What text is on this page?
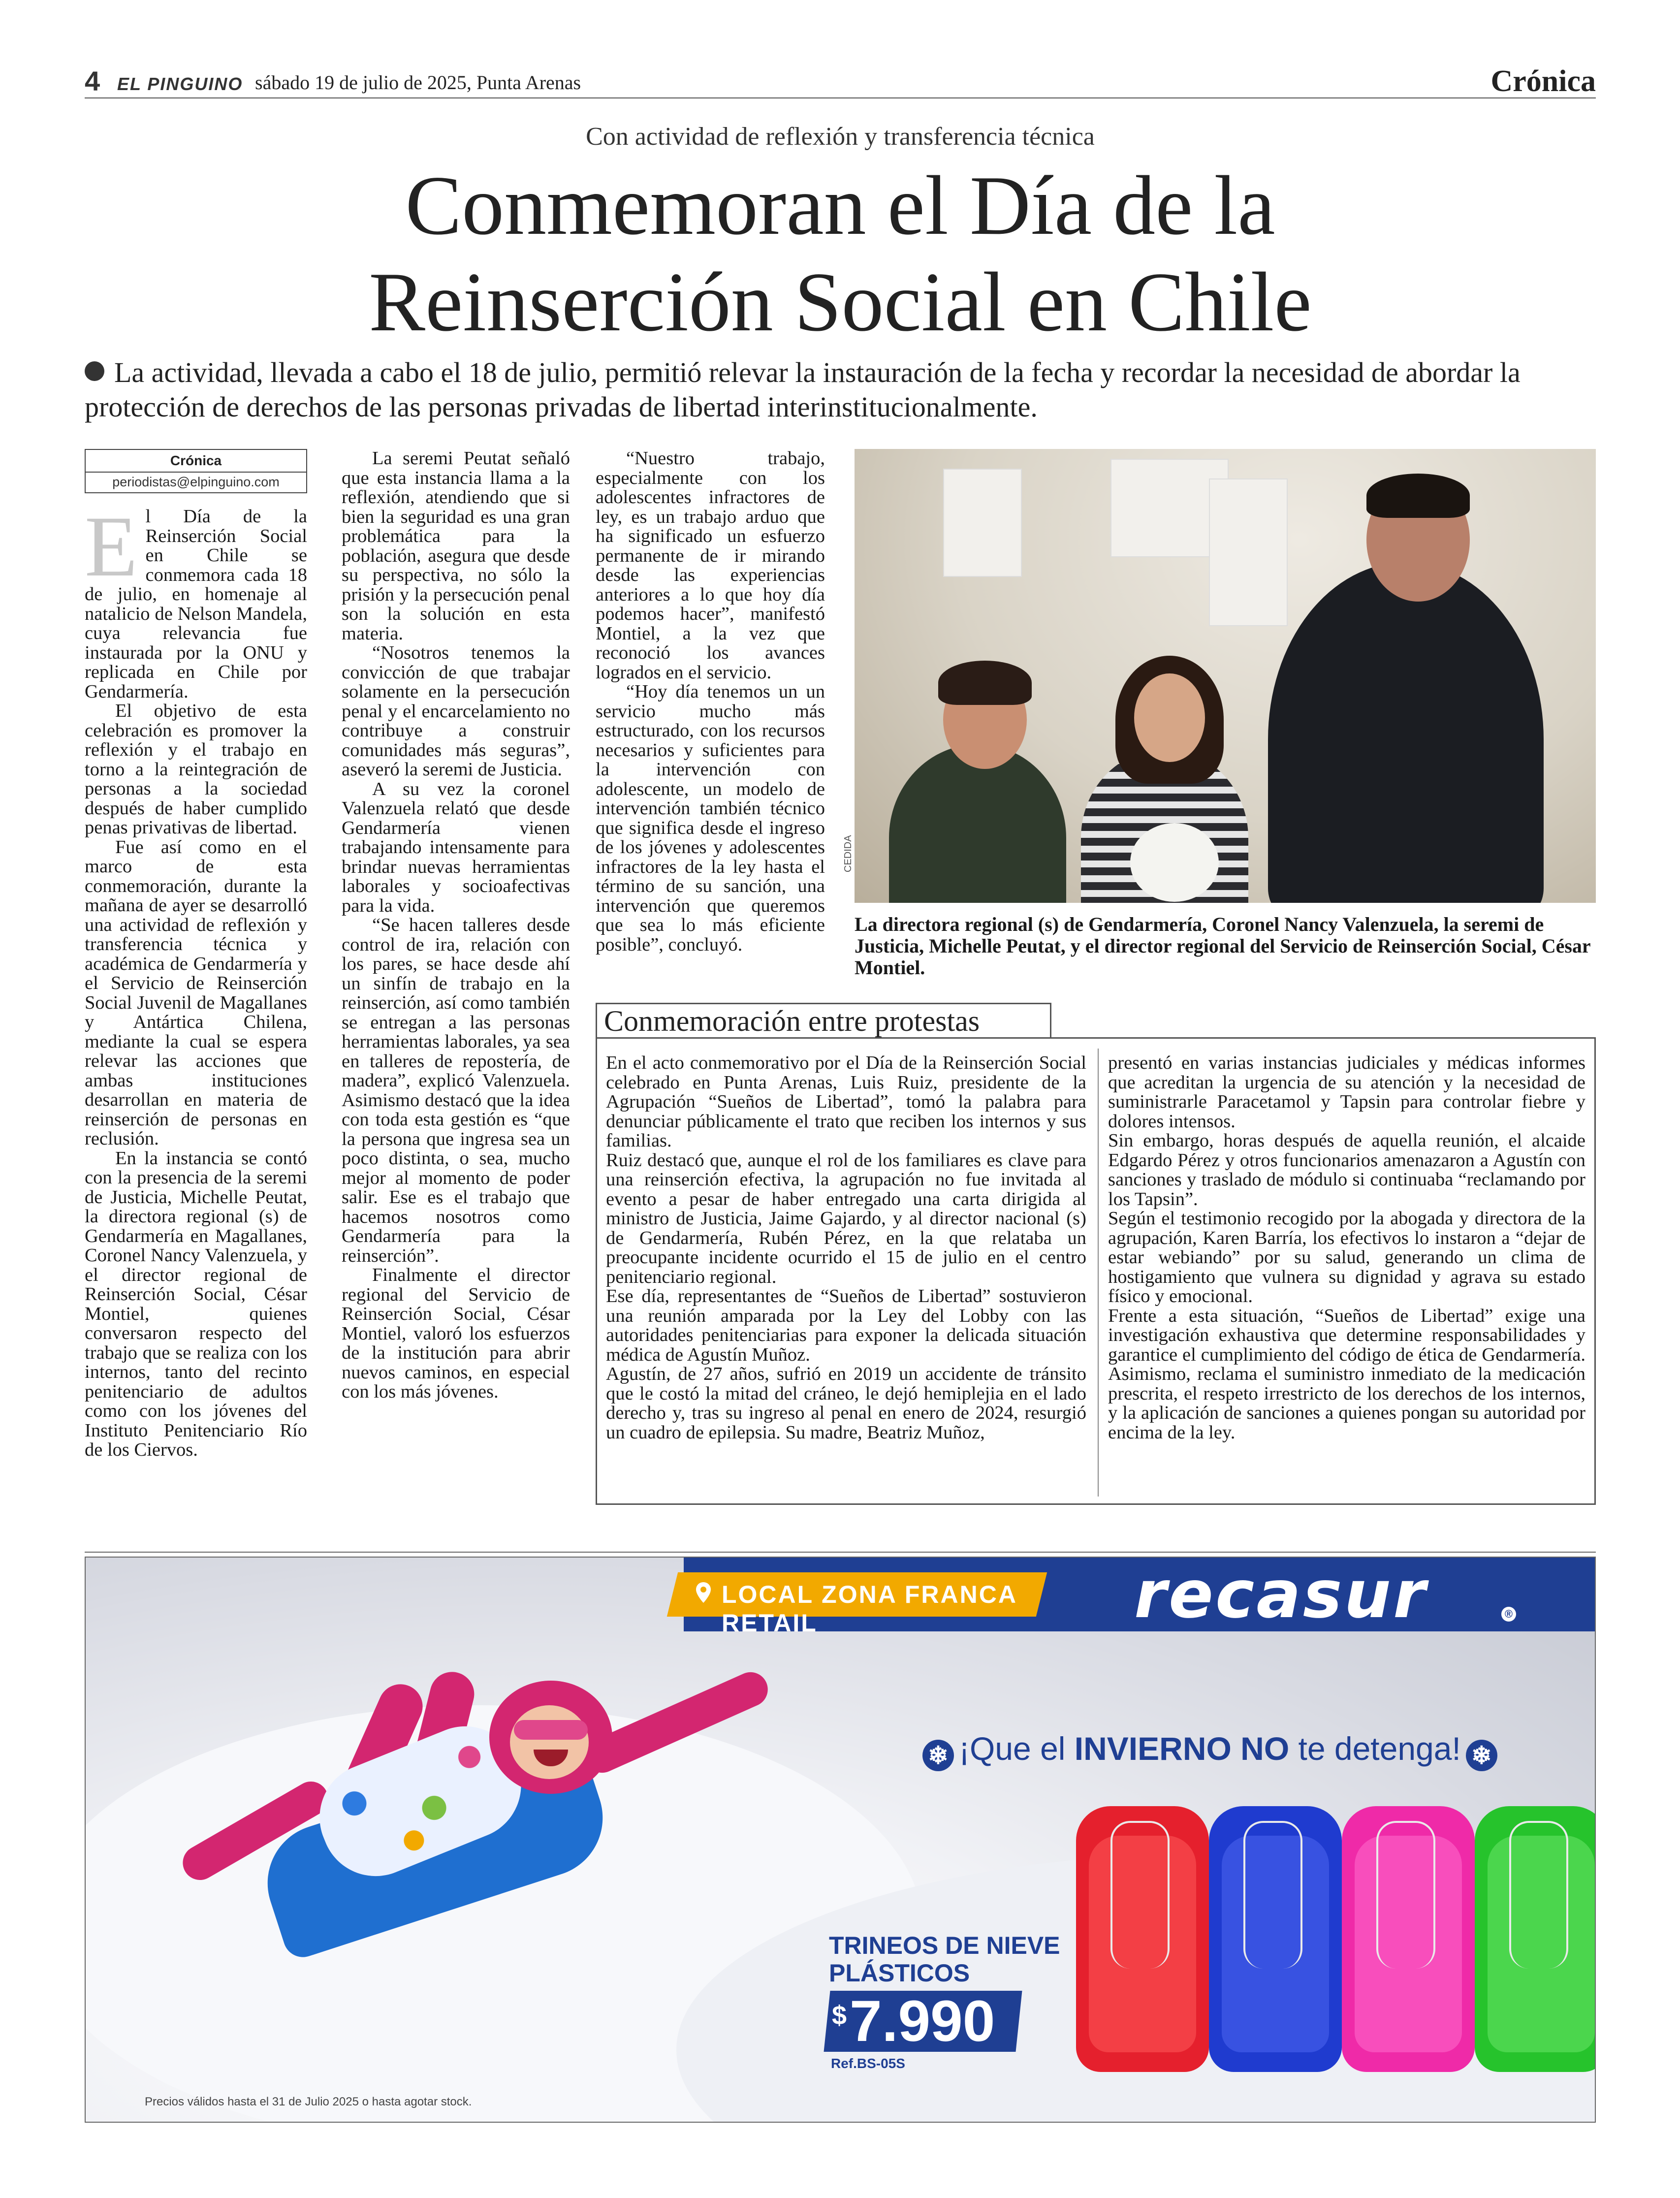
4 EL PINGUINO sábado 19 de julio de 2025, Punta Arenas	Crónica
Con actividad de reflexión y transferencia técnica
Conmemoran el Día de la
Reinserción Social en Chile
La actividad, llevada a cabo el 18 de julio, permitió relevar la instauración de la fecha y recordar la necesidad de abordar la protección de derechos de las personas privadas de libertad interinstitucionalmente.
Crónica
periodistas@elpinguino.com

El Día de la Reinserción Social en Chile se conmemora cada 18 de julio, en homenaje al natalicio de Nelson Mandela, cuya relevancia fue instaurada por la ONU y replicada en Chile por Gendarmería.

El objetivo de esta celebración es promover la reflexión y el trabajo en torno a la reintegración de personas a la sociedad después de haber cumplido penas privativas de libertad.

Fue así como en el marco de esta conmemoración, durante la mañana de ayer se desarrolló una actividad de reflexión y transferencia técnica y académica de Gendarmería y el Servicio de Reinserción Social Juvenil de Magallanes y Antártica Chilena, mediante la cual se espera relevar las acciones que ambas instituciones desarrollan en materia de reinserción de personas en reclusión.

En la instancia se contó con la presencia de la seremi de Justicia, Michelle Peutat, la directora regional (s) de Gendarmería en Magallanes, Coronel Nancy Valenzuela, y el director regional de Reinserción Social, César Montiel, quienes conversaron respecto del trabajo que se realiza con los internos, tanto del recinto penitenciario de adultos como con los jóvenes del Instituto Penitenciario Río de los Ciervos.

La seremi Peutat señaló que esta instancia llama a la reflexión, atendiendo que si bien la seguridad es una gran problemática para la población, asegura que desde su perspectiva, no sólo la prisión y la persecución penal son la solución en esta materia.

“Nosotros tenemos la convicción de que trabajar solamente en la persecución penal y el encarcelamiento no contribuye a construir comunidades más seguras”, aseveró la seremi de Justicia.

A su vez la coronel Valenzuela relató que desde Gendarmería vienen trabajando intensamente para brindar nuevas herramientas laborales y socioafectivas para la vida.

“Se hacen talleres desde control de ira, relación con los pares, se hace desde ahí un sinfín de trabajo en la reinserción, así como también se entregan a las personas herramientas laborales, ya sea en talleres de repostería, de madera”, explicó Valenzuela. Asimismo destacó que la idea con toda esta gestión es “que la persona que ingresa sea un poco distinta, o sea, mucho mejor al momento de poder salir. Ese es el trabajo que hacemos nosotros como Gendarmería para la reinserción”.

Finalmente el director regional del Servicio de Reinserción Social, César Montiel, valoró los esfuerzos de la institución para abrir nuevos caminos, en especial con los más jóvenes.

“Nuestro trabajo, especialmente con los adolescentes infractores de ley, es un trabajo arduo que ha significado un esfuerzo permanente de ir mirando desde las experiencias anteriores a lo que hoy día podemos hacer”, manifestó Montiel, a la vez que reconoció los avances logrados en el servicio.

“Hoy día tenemos un un servicio mucho más estructurado, con los recursos necesarios y suficientes para la intervención con adolescente, un modelo de intervención también técnico que significa desde el ingreso de los jóvenes y adolescentes infractores de la ley hasta el término de su sanción, una intervención que queremos que sea lo más eficiente posible”, concluyó.

CEDIDA
La directora regional (s) de Gendarmería, Coronel Nancy Valenzuela, la seremi de Justicia, Michelle Peutat, y el director regional del Servicio de Reinserción Social, César Montiel.
Conmemoración entre protestas
En el acto conmemorativo por el Día de la Reinserción Social celebrado en Punta Arenas, Luis Ruiz, presidente de la Agrupación “Sueños de Libertad”, tomó la palabra para denunciar públicamente el trato que reciben los internos y sus familias.
Ruiz destacó que, aunque el rol de los familiares es clave para una reinserción efectiva, la agrupación no fue invitada al evento a pesar de haber entregado una carta dirigida al ministro de Justicia, Jaime Gajardo, y al director nacional (s) de Gendarmería, Rubén Pérez, en la que relataba un preocupante incidente ocurrido el 15 de julio en el centro penitenciario regional.
Ese día, representantes de “Sueños de Libertad” sostuvieron una reunión amparada por la Ley del Lobby con las autoridades penitenciarias para exponer la delicada situación médica de Agustín Muñoz.
Agustín, de 27 años, sufrió en 2019 un accidente de tránsito que le costó la mitad del cráneo, le dejó hemiplejia en el lado derecho y, tras su ingreso al penal en enero de 2024, resurgió un cuadro de epilepsia. Su madre, Beatriz Muñoz,
presentó en varias instancias judiciales y médicas informes que acreditan la urgencia de su atención y la necesidad de suministrarle Paracetamol y Tapsin para controlar fiebre y dolores intensos.
Sin embargo, horas después de aquella reunión, el alcaide Edgardo Pérez y otros funcionarios amenazaron a Agustín con sanciones y traslado de módulo si continuaba “reclamando por los Tapsin”.
Según el testimonio recogido por la abogada y directora de la agrupación, Karen Barría, los efectivos lo instaron a “dejar de estar webiando” por su salud, generando un clima de hostigamiento que vulnera su dignidad y agrava su estado físico y emocional.
Frente a esta situación, “Sueños de Libertad” exige una investigación exhaustiva que determine responsabilidades y garantice el cumplimiento del código de ética de Gendarmería. Asimismo, reclama el suministro inmediato de la medicación prescrita, el respeto irrestricto de los derechos de los internos, y la aplicación de sanciones a quienes pongan su autoridad por encima de la ley.
LOCAL ZONA FRANCA RETAIL	recasur	®
❄ ¡Que el INVIERNO NO te detenga! ❄
TRINEOS DE NIEVE
PLÁSTICOS
$7.990
Ref.BS-05S
Precios válidos hasta el 31 de Julio 2025 o hasta agotar stock.
